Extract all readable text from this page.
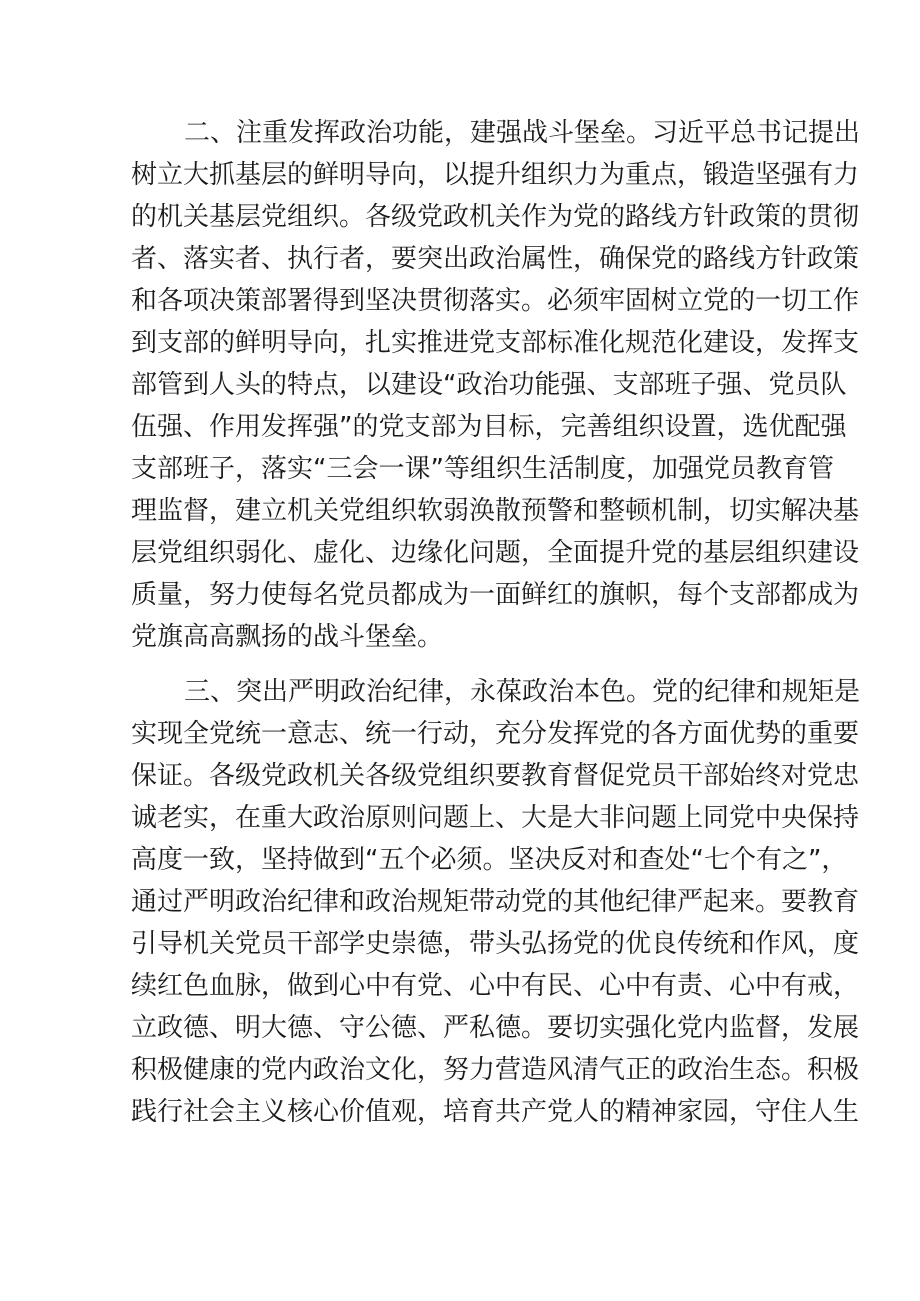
二、注重发挥政治功能，建强战斗堡垒。习近平总书记提出
树立大抓基层的鲜明导向，以提升组织力为重点，锻造坚强有力
的机关基层党组织。各级党政机关作为党的路线方针政策的贯彻
者、落实者、执行者，要突出政治属性，确保党的路线方针政策
和各项决策部署得到坚决贯彻落实。必须牢固树立党的一切工作
到支部的鲜明导向，扎实推进党支部标准化规范化建设，发挥支
部管到人头的特点，以建设“政治功能强、支部班子强、党员队
伍强、作用发挥强”的党支部为目标，完善组织设置，选优配强
支部班子，落实“三会一课”等组织生活制度，加强党员教育管
理监督，建立机关党组织软弱涣散预警和整顿机制，切实解决基
层党组织弱化、虚化、边缘化问题，全面提升党的基层组织建设
质量，努力使每名党员都成为一面鲜红的旗帜，每个支部都成为
党旗高高飘扬的战斗堡垒。
三、突出严明政治纪律，永葆政治本色。党的纪律和规矩是
实现全党统一意志、统一行动，充分发挥党的各方面优势的重要
保证。各级党政机关各级党组织要教育督促党员干部始终对党忠
诚老实，在重大政治原则问题上、大是大非问题上同党中央保持
高度一致，坚持做到“五个必须。坚决反对和查处“七个有之”，
通过严明政治纪律和政治规矩带动党的其他纪律严起来。要教育
引导机关党员干部学史崇德，带头弘扬党的优良传统和作风，度
续红色血脉，做到心中有党、心中有民、心中有责、心中有戒，
立政德、明大德、守公德、严私德。要切实强化党内监督，发展
积极健康的党内政治文化，努力营造风清气正的政治生态。积极
践行社会主义核心价值观，培育共产党人的精神家园，守住人生
